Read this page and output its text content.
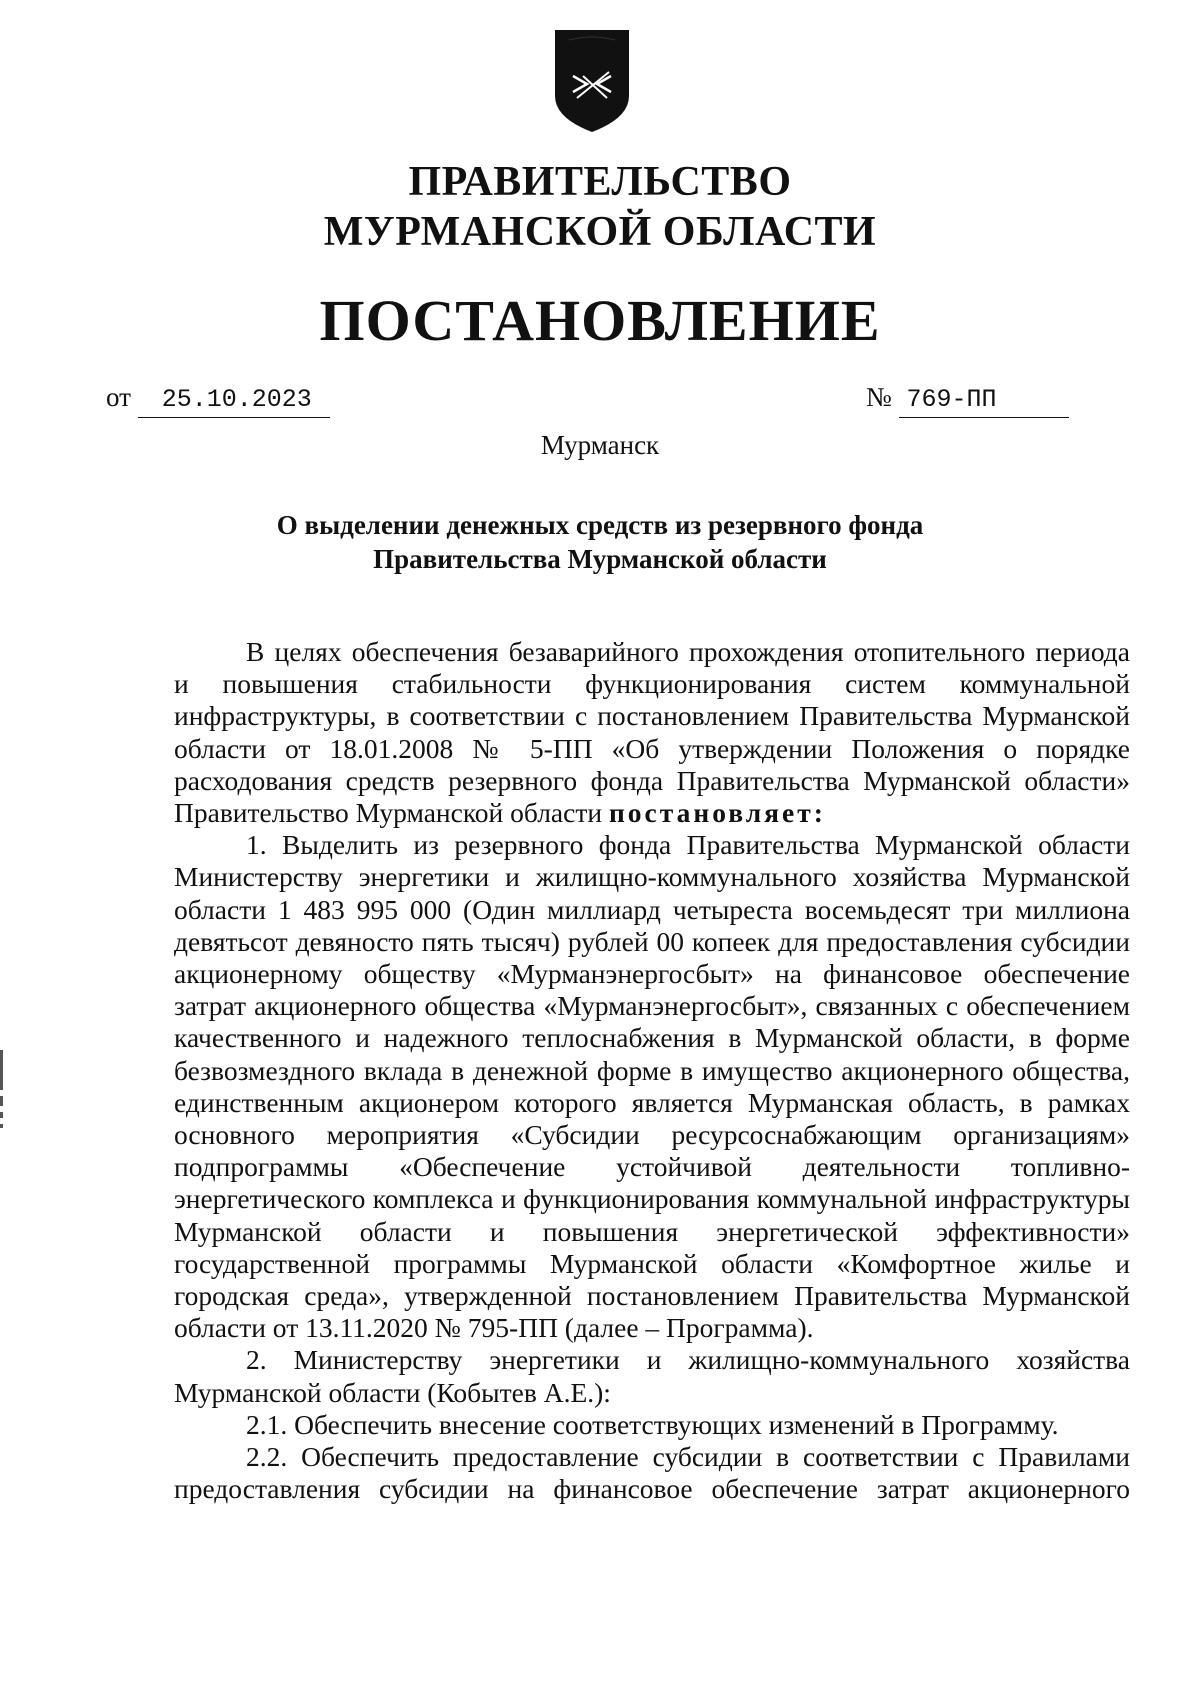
ПРАВИТЕЛЬСТВО
МУРМАНСКОЙ ОБЛАСТИ
ПОСТАНОВЛЕНИЕ
от 25.10.2023	№ 769-ПП
Мурманск
О выделении денежных средств из резервного фонда
Правительства Мурманской области

В целях обеспечения безаварийного прохождения отопительного периода и повышения стабильности функционирования систем коммунальной инфраструктуры, в соответствии с постановлением Правительства Мурманской области от 18.01.2008 № 5-ПП «Об утверждении Положения о порядке расходования средств резервного фонда Правительства Мурманской области» Правительство Мурманской области постановляет:

1. Выделить из резервного фонда Правительства Мурманской области Министерству энергетики и жилищно-коммунального хозяйства Мурманской области 1 483 995 000 (Один миллиард четыреста восемьдесят три миллиона девятьсот девяносто пять тысяч) рублей 00 копеек для предоставления субсидии акционерному обществу «Мурманэнергосбыт» на финансовое обеспечение затрат акционерного общества «Мурманэнергосбыт», связанных с обеспечением качественного и надежного теплоснабжения в Мурманской области, в форме безвозмездного вклада в денежной форме в имущество акционерного общества, единственным акционером которого является Мурманская область, в рамках основного мероприятия «Субсидии ресурсоснабжающим организациям» подпрограммы «Обеспечение устойчивой деятельности топливно-энергетического комплекса и функционирования коммунальной инфраструктуры Мурманской области и повышения энергетической эффективности» государственной программы Мурманской области «Комфортное жилье и городская среда», утвержденной постановлением Правительства Мурманской области от 13.11.2020 № 795-ПП (далее – Программа).

2. Министерству энергетики и жилищно-коммунального хозяйства Мурманской области (Кобытев А.Е.):

2.1. Обеспечить внесение соответствующих изменений в Программу.

2.2. Обеспечить предоставление субсидии в соответствии с Правилами предоставления субсидии на финансовое обеспечение затрат акционерного
